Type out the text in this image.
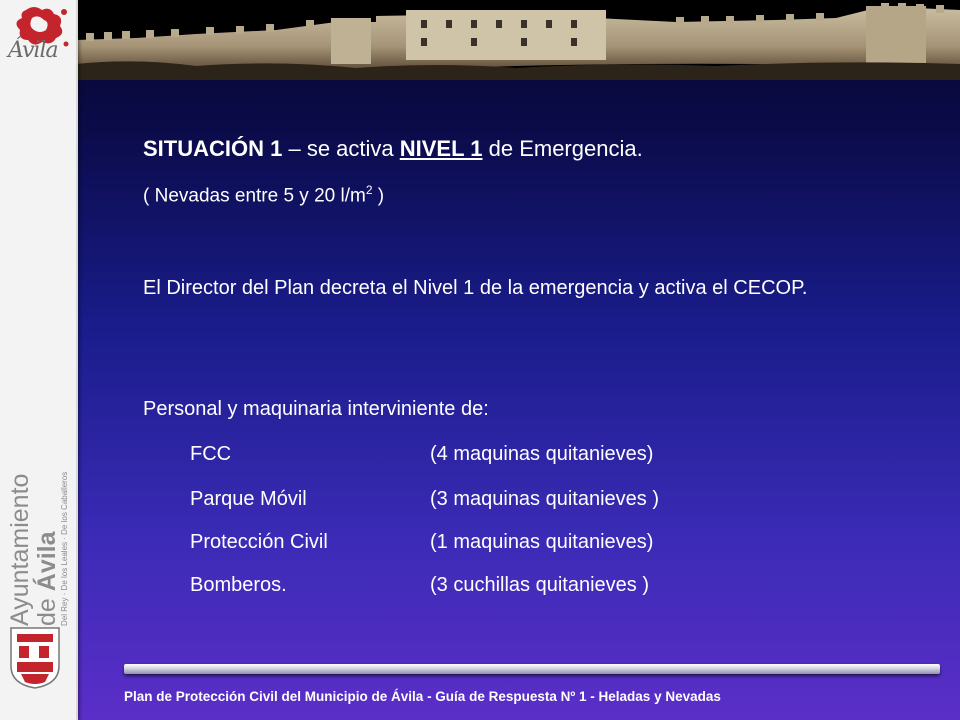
Ávila
Ayuntamiento de Ávila Del Rey · De los Leales · De los Caballeros
SITUACIÓN 1 – se activa NIVEL 1 de Emergencia.
( Nevadas entre 5 y 20 $l/m^2$ )
El Director del Plan decreta el Nivel 1 de la emergencia y activa el CECOP.
Personal y maquinaria interviniente de:
FCC	(4 maquinas quitanieves)
Parque Móvil	(3 maquinas quitanieves )
Protección Civil	(1 maquinas quitanieves)
Bomberos.	(3 cuchillas quitanieves )
Plan de Protección Civil del Municipio de Ávila - Guía de Respuesta Nº 1 - Heladas y Nevadas
